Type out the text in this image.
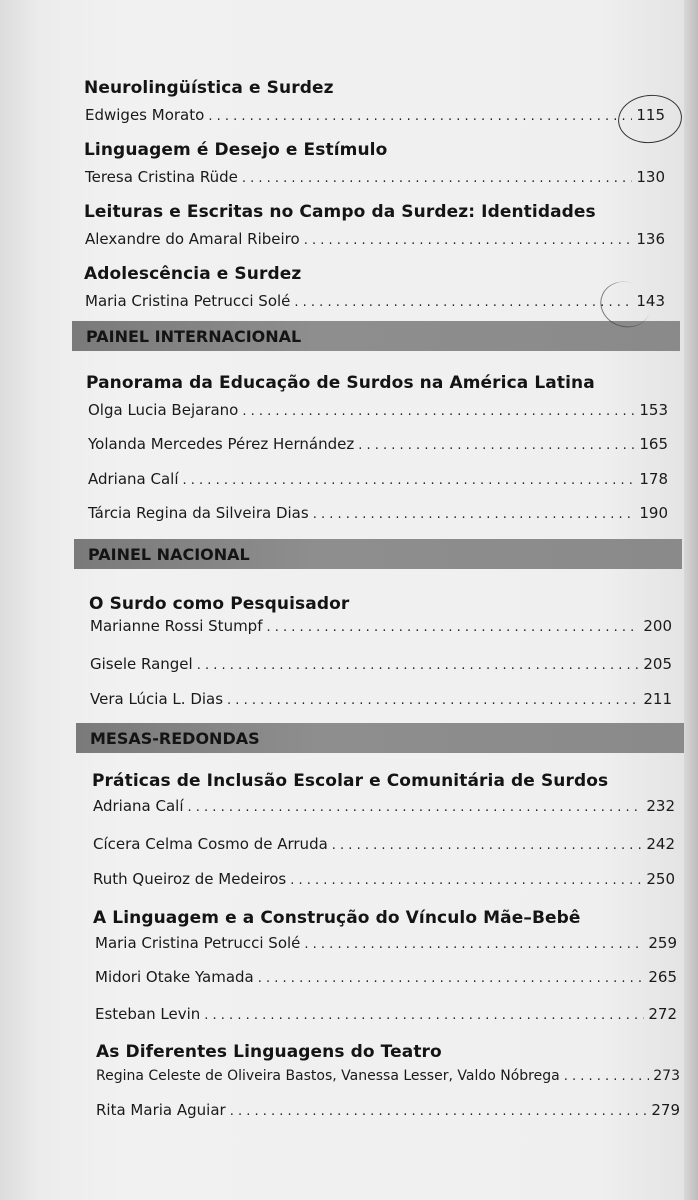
Neurolingüística e Surdez
Edwiges Morato . . .	115
Linguagem é Desejo e Estímulo
Teresa Cristina Rüde . . .	130
Leituras e Escritas no Campo da Surdez: Identidades
Alexandre do Amaral Ribeiro . . .	136
Adolescência e Surdez
Maria Cristina Petrucci Solé . . .	143
PAINEL INTERNACIONAL
Panorama da Educação de Surdos na América Latina
Olga Lucia Bejarano . . .	153
Yolanda Mercedes Pérez Hernández . . .	165
Adriana Calí . . .	178
Tárcia Regina da Silveira Dias . . .	190
PAINEL NACIONAL
O Surdo como Pesquisador
Marianne Rossi Stumpf . . .	200
Gisele Rangel . . .	205
Vera Lúcia L. Dias . . .	211
MESAS-REDONDAS
Práticas de Inclusão Escolar e Comunitária de Surdos
Adriana Calí . . .	232
Cícera Celma Cosmo de Arruda . . .	242
Ruth Queiroz de Medeiros . . .	250
A Linguagem e a Construção do Vínculo Mãe–Bebê
Maria Cristina Petrucci Solé . . .	259
Midori Otake Yamada . . .	265
Esteban Levin . . .	272
As Diferentes Linguagens do Teatro
Regina Celeste de Oliveira Bastos, Vanessa Lesser, Valdo Nóbrega . . .	273
Rita Maria Aguiar . . .	279
